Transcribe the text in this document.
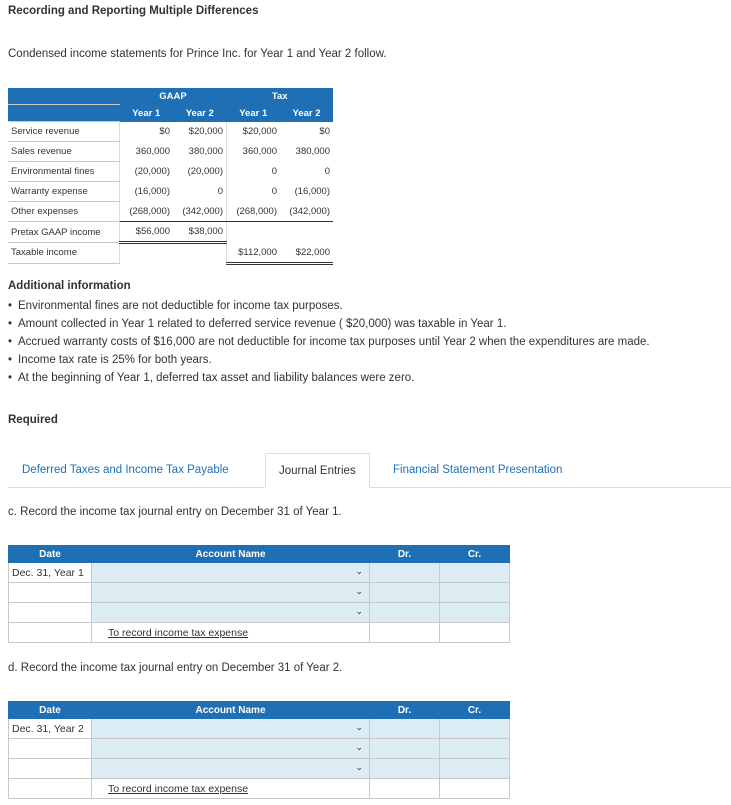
Recording and Reporting Multiple Differences
Condensed income statements for Prince Inc. for Year 1 and Year 2 follow.
	GAAP		Tax	
	Year 1	Year 2	Year 1	Year 2
Service revenue	$0	$20,000	$20,000	$0
Sales revenue	360,000	380,000	360,000	380,000
Environmental fines	(20,000)	(20,000)	0	0
Warranty expense	(16,000)	0	0	(16,000)
Other expenses	(268,000)	(342,000)	(268,000)	(342,000)
Pretax GAAP income	$56,000	$38,000		
Taxable income			$112,000	$22,000
Additional information
• Environmental fines are not deductible for income tax purposes.
• Amount collected in Year 1 related to deferred service revenue ( $20,000) was taxable in Year 1.
• Accrued warranty costs of $16,000 are not deductible for income tax purposes until Year 2 when the expenditures are made.
• Income tax rate is 25% for both years.
• At the beginning of Year 1, deferred tax asset and liability balances were zero.
Required
Deferred Taxes and Income Tax Payable	Journal Entries	Financial Statement Presentation
c. Record the income tax journal entry on December 31 of Year 1.
Date	Account Name	Dr.	Cr.
Dec. 31, Year 1	⌄		

	⌄		

	⌄		

	To record income tax expense		
d. Record the income tax journal entry on December 31 of Year 2.
Date	Account Name	Dr.	Cr.
Dec. 31, Year 2	⌄		

	⌄		

	⌄		

	To record income tax expense		
